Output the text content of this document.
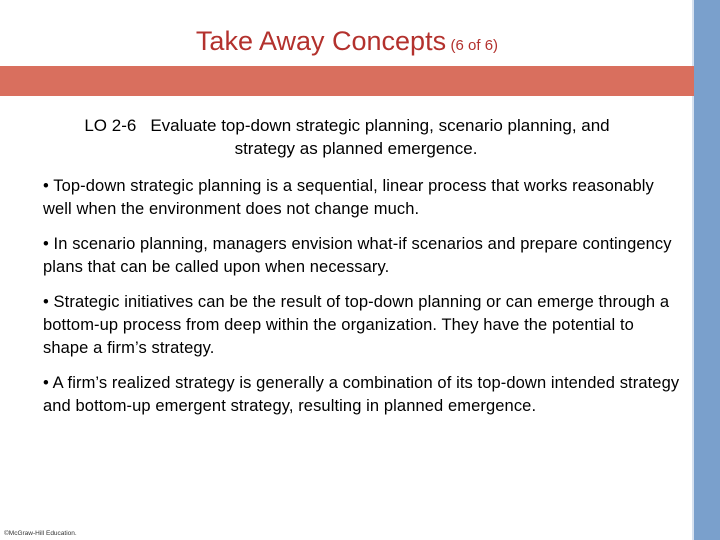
Take Away Concepts (6 of 6)
LO 2-6 Evaluate top-down strategic planning, scenario planning, and
strategy as planned emergence.

• Top-down strategic planning is a sequential, linear process that works reasonably well when the environment does not change much.

• In scenario planning, managers envision what-if scenarios and prepare contingency plans that can be called upon when necessary.

• Strategic initiatives can be the result of top-down planning or can emerge through a bottom-up process from deep within the organization. They have the potential to shape a firm’s strategy.

• A firm’s realized strategy is generally a combination of its top-down intended strategy and bottom-up emergent strategy, resulting in planned emergence.

©McGraw-Hill Education.
